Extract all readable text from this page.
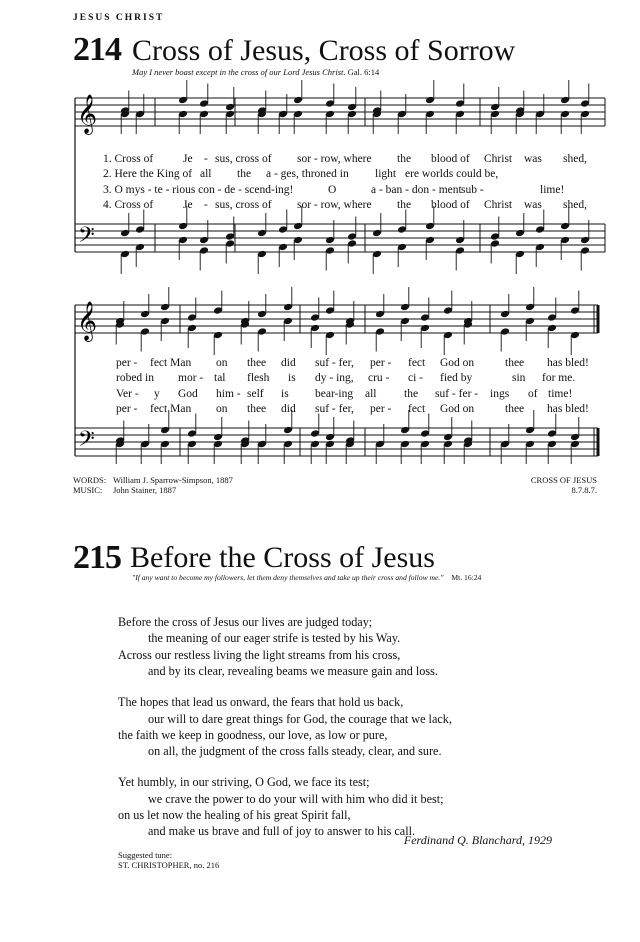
JESUS CHRIST
214 Cross of Jesus, Cross of Sorrow
May I never boast except in the cross of our Lord Jesus Christ. Gal. 6:14
𝄞
𝄢
𝄞
𝄢
1. Cross of	Je - sus, cross of sor - row, where the blood of Christ was shed,
2. Here the King of all the a - ges, throned in light ere worlds could be,
3. O mys - te - rious con - de - scend-ing!	O	a - ban - don - ment sub -	lime!
4. Cross of	Je - sus, cross of sor - row, where the blood of Christ was shed,
per - fect Man on thee did suf - fer, per - fect God on	thee has bled!
robed in mor - tal flesh is dy - ing, cru - ci - fied by	sin for me.
Ver - y God him - self is bear-ing all the suf - fer - ings of time!
per - fect Man on thee did suf - fer, per - fect God on	thee has bled!
WORDS: William J. Sparrow-Simpson, 1887
MUSIC: John Stainer, 1887
CROSS OF JESUS
8.7.8.7.
215 Before the Cross of Jesus
"If any want to become my followers, let them deny themselves and take up their cross and follow me." Mt. 16:24
Before the cross of Jesus our lives are judged today;
the meaning of our eager strife is tested by his Way.
Across our restless living the light streams from his cross,
and by its clear, revealing beams we measure gain and loss.
The hopes that lead us onward, the fears that hold us back,
our will to dare great things for God, the courage that we lack,
the faith we keep in goodness, our love, as low or pure,
on all, the judgment of the cross falls steady, clear, and sure.
Yet humbly, in our striving, O God, we face its test;
we crave the power to do your will with him who did it best;
on us let now the healing of his great Spirit fall,
and make us brave and full of joy to answer to his call.
Ferdinand Q. Blanchard, 1929
Suggested tune:
ST. CHRISTOPHER, no. 216
